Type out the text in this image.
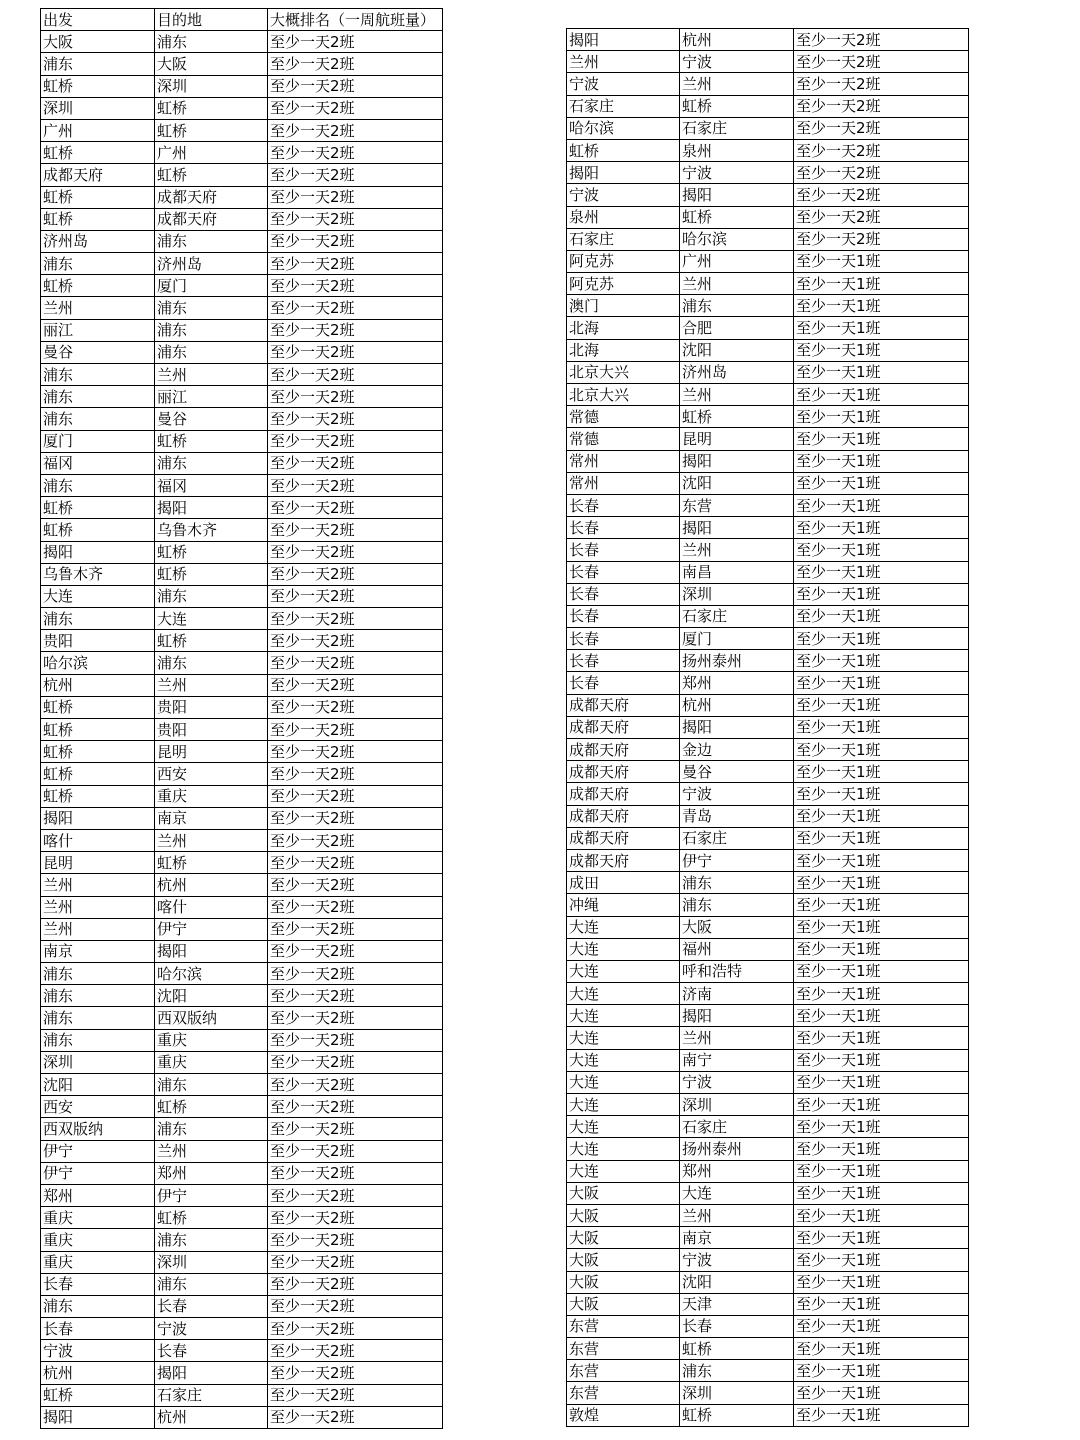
出发	目的地	大概排名（一周航班量）
大阪	浦东	至少一天2班
浦东	大阪	至少一天2班
虹桥	深圳	至少一天2班
深圳	虹桥	至少一天2班
广州	虹桥	至少一天2班
虹桥	广州	至少一天2班
成都天府	虹桥	至少一天2班
虹桥	成都天府	至少一天2班
虹桥	成都天府	至少一天2班
济州岛	浦东	至少一天2班
浦东	济州岛	至少一天2班
虹桥	厦门	至少一天2班
兰州	浦东	至少一天2班
丽江	浦东	至少一天2班
曼谷	浦东	至少一天2班
浦东	兰州	至少一天2班
浦东	丽江	至少一天2班
浦东	曼谷	至少一天2班
厦门	虹桥	至少一天2班
福冈	浦东	至少一天2班
浦东	福冈	至少一天2班
虹桥	揭阳	至少一天2班
虹桥	乌鲁木齐	至少一天2班
揭阳	虹桥	至少一天2班
乌鲁木齐	虹桥	至少一天2班
大连	浦东	至少一天2班
浦东	大连	至少一天2班
贵阳	虹桥	至少一天2班
哈尔滨	浦东	至少一天2班
杭州	兰州	至少一天2班
虹桥	贵阳	至少一天2班
虹桥	贵阳	至少一天2班
虹桥	昆明	至少一天2班
虹桥	西安	至少一天2班
虹桥	重庆	至少一天2班
揭阳	南京	至少一天2班
喀什	兰州	至少一天2班
昆明	虹桥	至少一天2班
兰州	杭州	至少一天2班
兰州	喀什	至少一天2班
兰州	伊宁	至少一天2班
南京	揭阳	至少一天2班
浦东	哈尔滨	至少一天2班
浦东	沈阳	至少一天2班
浦东	西双版纳	至少一天2班
浦东	重庆	至少一天2班
深圳	重庆	至少一天2班
沈阳	浦东	至少一天2班
西安	虹桥	至少一天2班
西双版纳	浦东	至少一天2班
伊宁	兰州	至少一天2班
伊宁	郑州	至少一天2班
郑州	伊宁	至少一天2班
重庆	虹桥	至少一天2班
重庆	浦东	至少一天2班
重庆	深圳	至少一天2班
长春	浦东	至少一天2班
浦东	长春	至少一天2班
长春	宁波	至少一天2班
宁波	长春	至少一天2班
杭州	揭阳	至少一天2班
虹桥	石家庄	至少一天2班
揭阳	杭州	至少一天2班
揭阳	杭州	至少一天2班
兰州	宁波	至少一天2班
宁波	兰州	至少一天2班
石家庄	虹桥	至少一天2班
哈尔滨	石家庄	至少一天2班
虹桥	泉州	至少一天2班
揭阳	宁波	至少一天2班
宁波	揭阳	至少一天2班
泉州	虹桥	至少一天2班
石家庄	哈尔滨	至少一天2班
阿克苏	广州	至少一天1班
阿克苏	兰州	至少一天1班
澳门	浦东	至少一天1班
北海	合肥	至少一天1班
北海	沈阳	至少一天1班
北京大兴	济州岛	至少一天1班
北京大兴	兰州	至少一天1班
常德	虹桥	至少一天1班
常德	昆明	至少一天1班
常州	揭阳	至少一天1班
常州	沈阳	至少一天1班
长春	东营	至少一天1班
长春	揭阳	至少一天1班
长春	兰州	至少一天1班
长春	南昌	至少一天1班
长春	深圳	至少一天1班
长春	石家庄	至少一天1班
长春	厦门	至少一天1班
长春	扬州泰州	至少一天1班
长春	郑州	至少一天1班
成都天府	杭州	至少一天1班
成都天府	揭阳	至少一天1班
成都天府	金边	至少一天1班
成都天府	曼谷	至少一天1班
成都天府	宁波	至少一天1班
成都天府	青岛	至少一天1班
成都天府	石家庄	至少一天1班
成都天府	伊宁	至少一天1班
成田	浦东	至少一天1班
冲绳	浦东	至少一天1班
大连	大阪	至少一天1班
大连	福州	至少一天1班
大连	呼和浩特	至少一天1班
大连	济南	至少一天1班
大连	揭阳	至少一天1班
大连	兰州	至少一天1班
大连	南宁	至少一天1班
大连	宁波	至少一天1班
大连	深圳	至少一天1班
大连	石家庄	至少一天1班
大连	扬州泰州	至少一天1班
大连	郑州	至少一天1班
大阪	大连	至少一天1班
大阪	兰州	至少一天1班
大阪	南京	至少一天1班
大阪	宁波	至少一天1班
大阪	沈阳	至少一天1班
大阪	天津	至少一天1班
东营	长春	至少一天1班
东营	虹桥	至少一天1班
东营	浦东	至少一天1班
东营	深圳	至少一天1班
敦煌	虹桥	至少一天1班
